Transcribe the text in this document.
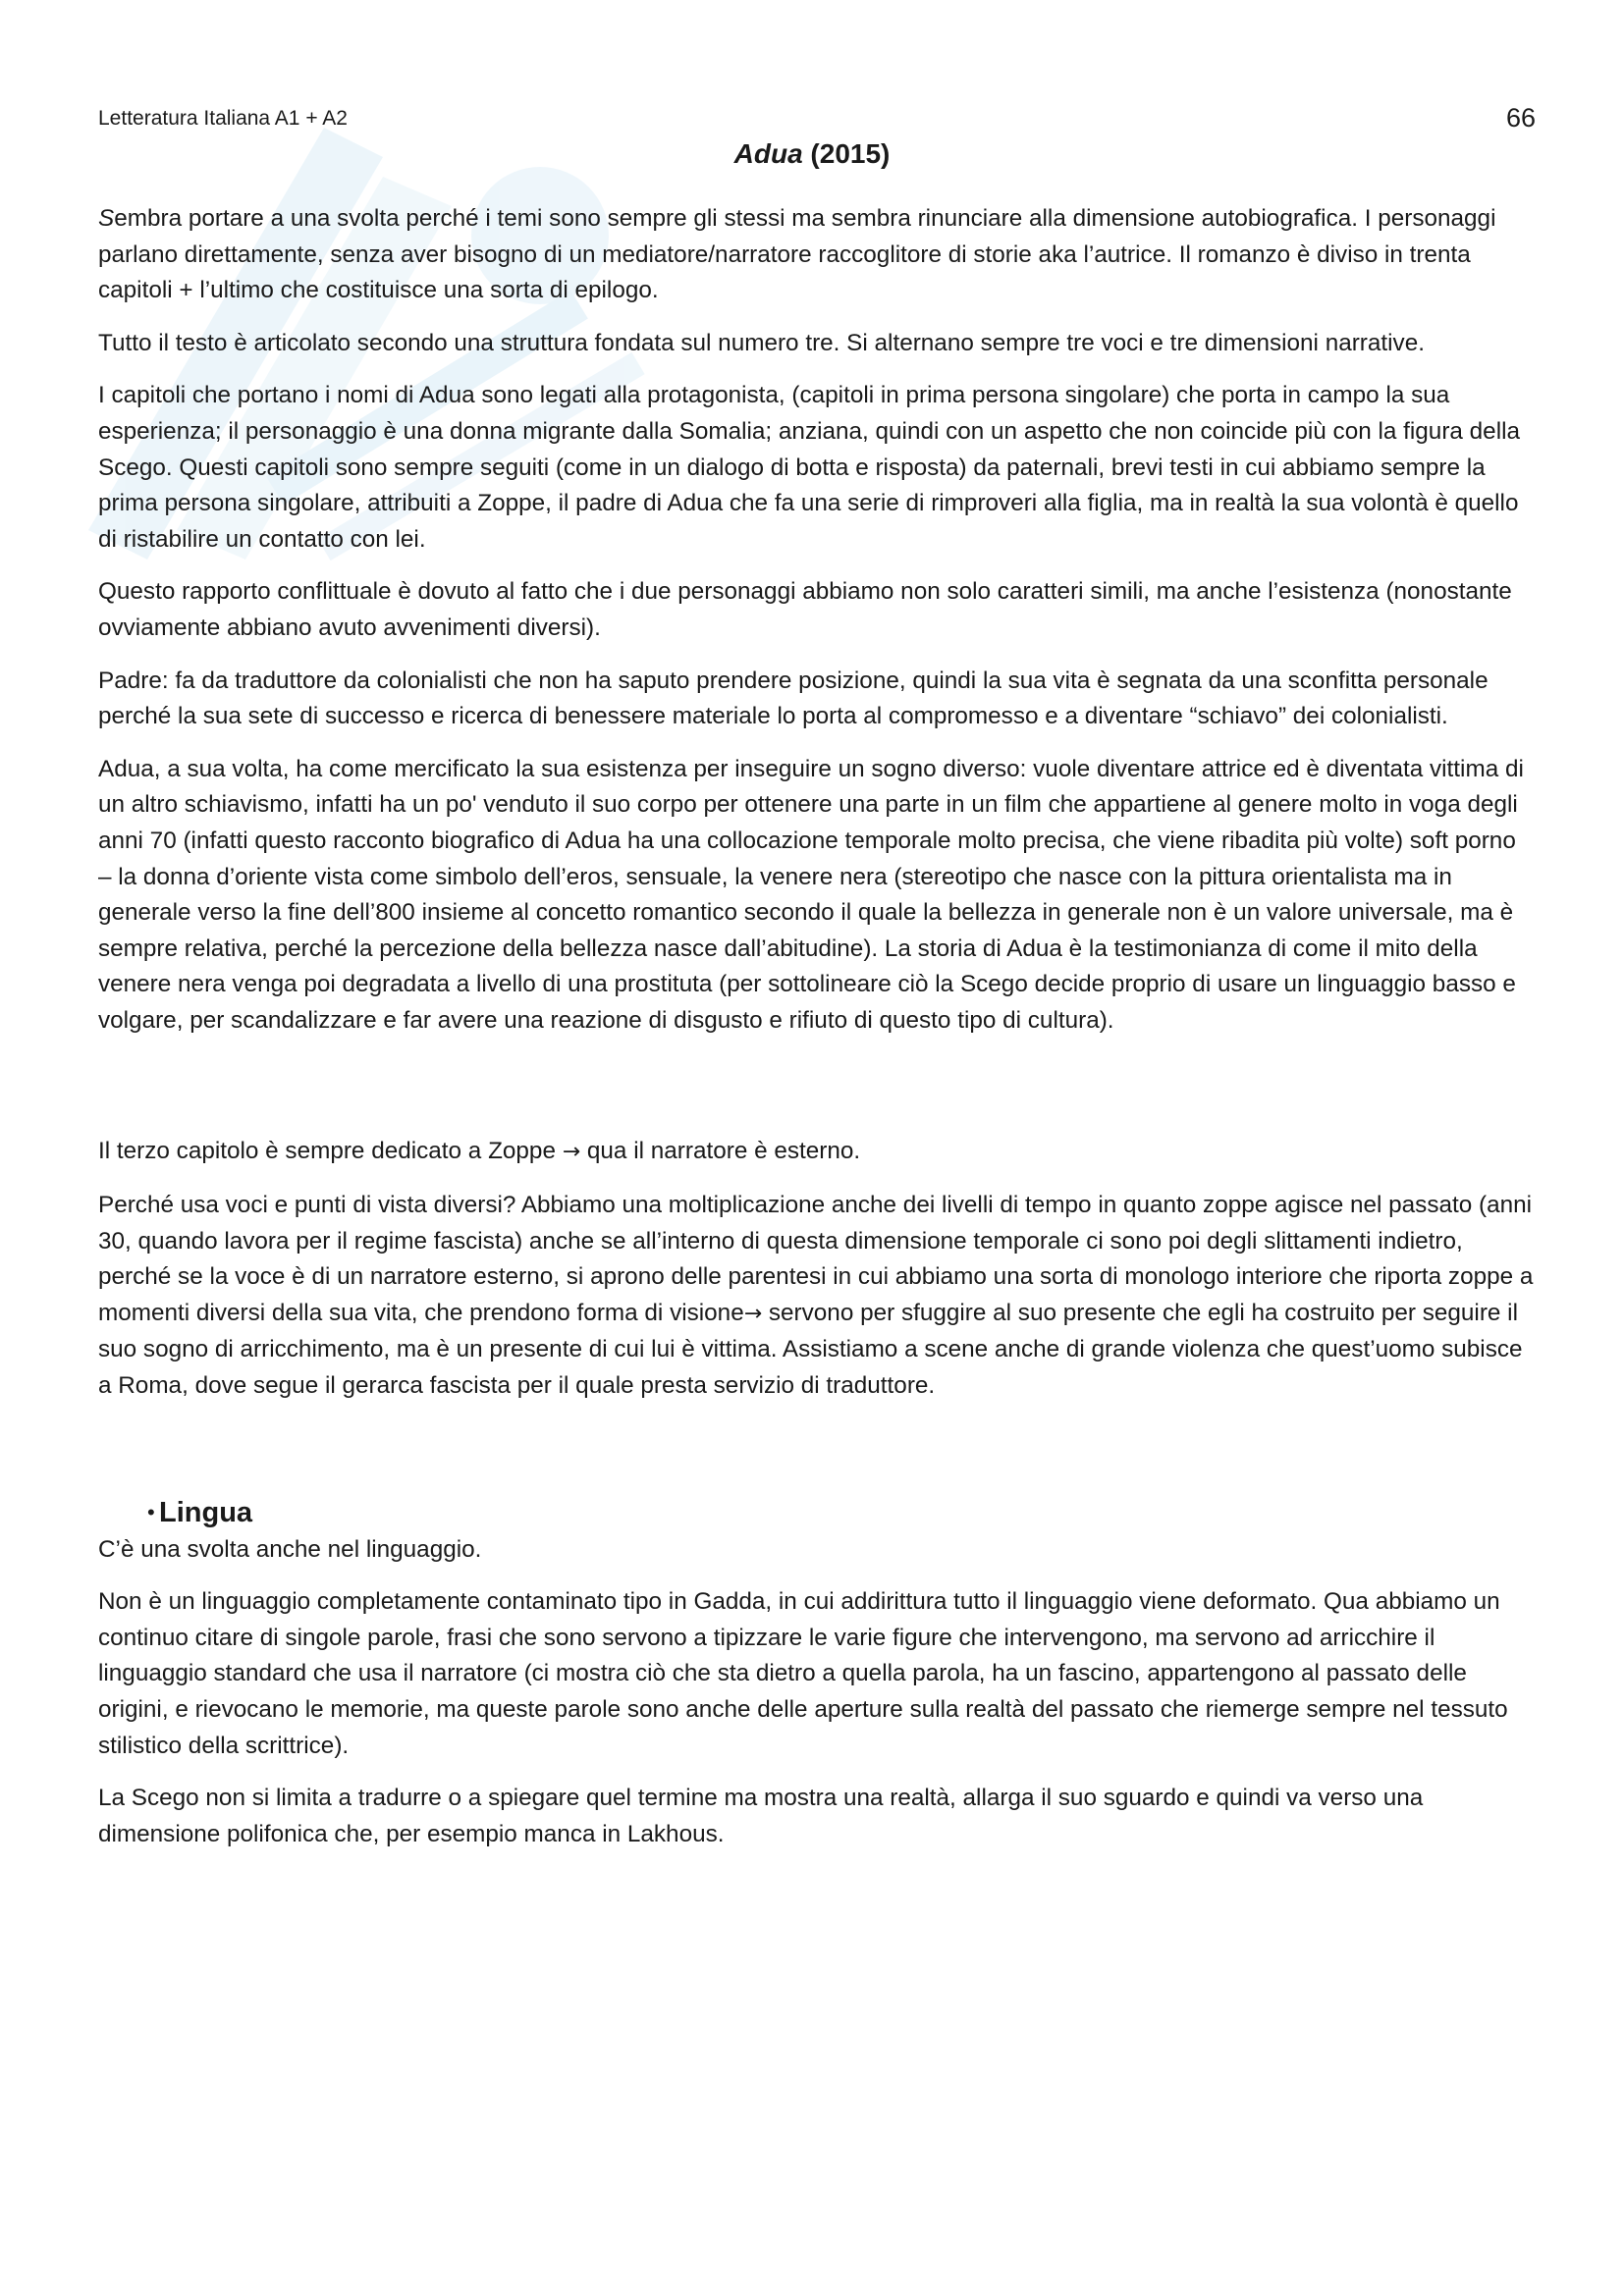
Letteratura Italiana A1 + A2	66
Adua (2015)

Sembra portare a una svolta perché i temi sono sempre gli stessi ma sembra rinunciare alla dimensione autobiografica. I personaggi parlano direttamente, senza aver bisogno di un mediatore/narratore raccoglitore di storie aka l’autrice. Il romanzo è diviso in trenta capitoli + l’ultimo che costituisce una sorta di epilogo.

Tutto il testo è articolato secondo una struttura fondata sul numero tre. Si alternano sempre tre voci e tre dimensioni narrative.

I capitoli che portano i nomi di Adua sono legati alla protagonista, (capitoli in prima persona singolare) che porta in campo la sua esperienza; il personaggio è una donna migrante dalla Somalia; anziana, quindi con un aspetto che non coincide più con la figura della Scego. Questi capitoli sono sempre seguiti (come in un dialogo di botta e risposta) da paternali, brevi testi in cui abbiamo sempre la prima persona singolare, attribuiti a Zoppe, il padre di Adua che fa una serie di rimproveri alla figlia, ma in realtà la sua volontà è quello di ristabilire un contatto con lei.

Questo rapporto conflittuale è dovuto al fatto che i due personaggi abbiamo non solo caratteri simili, ma anche l’esistenza (nonostante ovviamente abbiano avuto avvenimenti diversi).

Padre: fa da traduttore da colonialisti che non ha saputo prendere posizione, quindi la sua vita è segnata da una sconfitta personale perché la sua sete di successo e ricerca di benessere materiale lo porta al compromesso e a diventare “schiavo” dei colonialisti.

Adua, a sua volta, ha come mercificato la sua esistenza per inseguire un sogno diverso: vuole diventare attrice ed è diventata vittima di un altro schiavismo, infatti ha un po' venduto il suo corpo per ottenere una parte in un film che appartiene al genere molto in voga degli anni 70 (infatti questo racconto biografico di Adua ha una collocazione temporale molto precisa, che viene ribadita più volte) soft porno – la donna d’oriente vista come simbolo dell’eros, sensuale, la venere nera (stereotipo che nasce con la pittura orientalista ma in generale verso la fine dell’800 insieme al concetto romantico secondo il quale la bellezza in generale non è un valore universale, ma è sempre relativa, perché la percezione della bellezza nasce dall’abitudine). La storia di Adua è la testimonianza di come il mito della venere nera venga poi degradata a livello di una prostituta (per sottolineare ciò la Scego decide proprio di usare un linguaggio basso e volgare, per scandalizzare e far avere una reazione di disgusto e rifiuto di questo tipo di cultura).

Il terzo capitolo è sempre dedicato a Zoppe → qua il narratore è esterno.

Perché usa voci e punti di vista diversi? Abbiamo una moltiplicazione anche dei livelli di tempo in quanto zoppe agisce nel passato (anni 30, quando lavora per il regime fascista) anche se all’interno di questa dimensione temporale ci sono poi degli slittamenti indietro, perché se la voce è di un narratore esterno, si aprono delle parentesi in cui abbiamo una sorta di monologo interiore che riporta zoppe a momenti diversi della sua vita, che prendono forma di visione→ servono per sfuggire al suo presente che egli ha costruito per seguire il suo sogno di arricchimento, ma è un presente di cui lui è vittima. Assistiamo a scene anche di grande violenza che quest’uomo subisce a Roma, dove segue il gerarca fascista per il quale presta servizio di traduttore.

• Lingua

C’è una svolta anche nel linguaggio.

Non è un linguaggio completamente contaminato tipo in Gadda, in cui addirittura tutto il linguaggio viene deformato. Qua abbiamo un continuo citare di singole parole, frasi che sono servono a tipizzare le varie figure che intervengono, ma servono ad arricchire il linguaggio standard che usa il narratore (ci mostra ciò che sta dietro a quella parola, ha un fascino, appartengono al passato delle origini, e rievocano le memorie, ma queste parole sono anche delle aperture sulla realtà del passato che riemerge sempre nel tessuto stilistico della scrittrice).

La Scego non si limita a tradurre o a spiegare quel termine ma mostra una realtà, allarga il suo sguardo e quindi va verso una dimensione polifonica che, per esempio manca in Lakhous.
